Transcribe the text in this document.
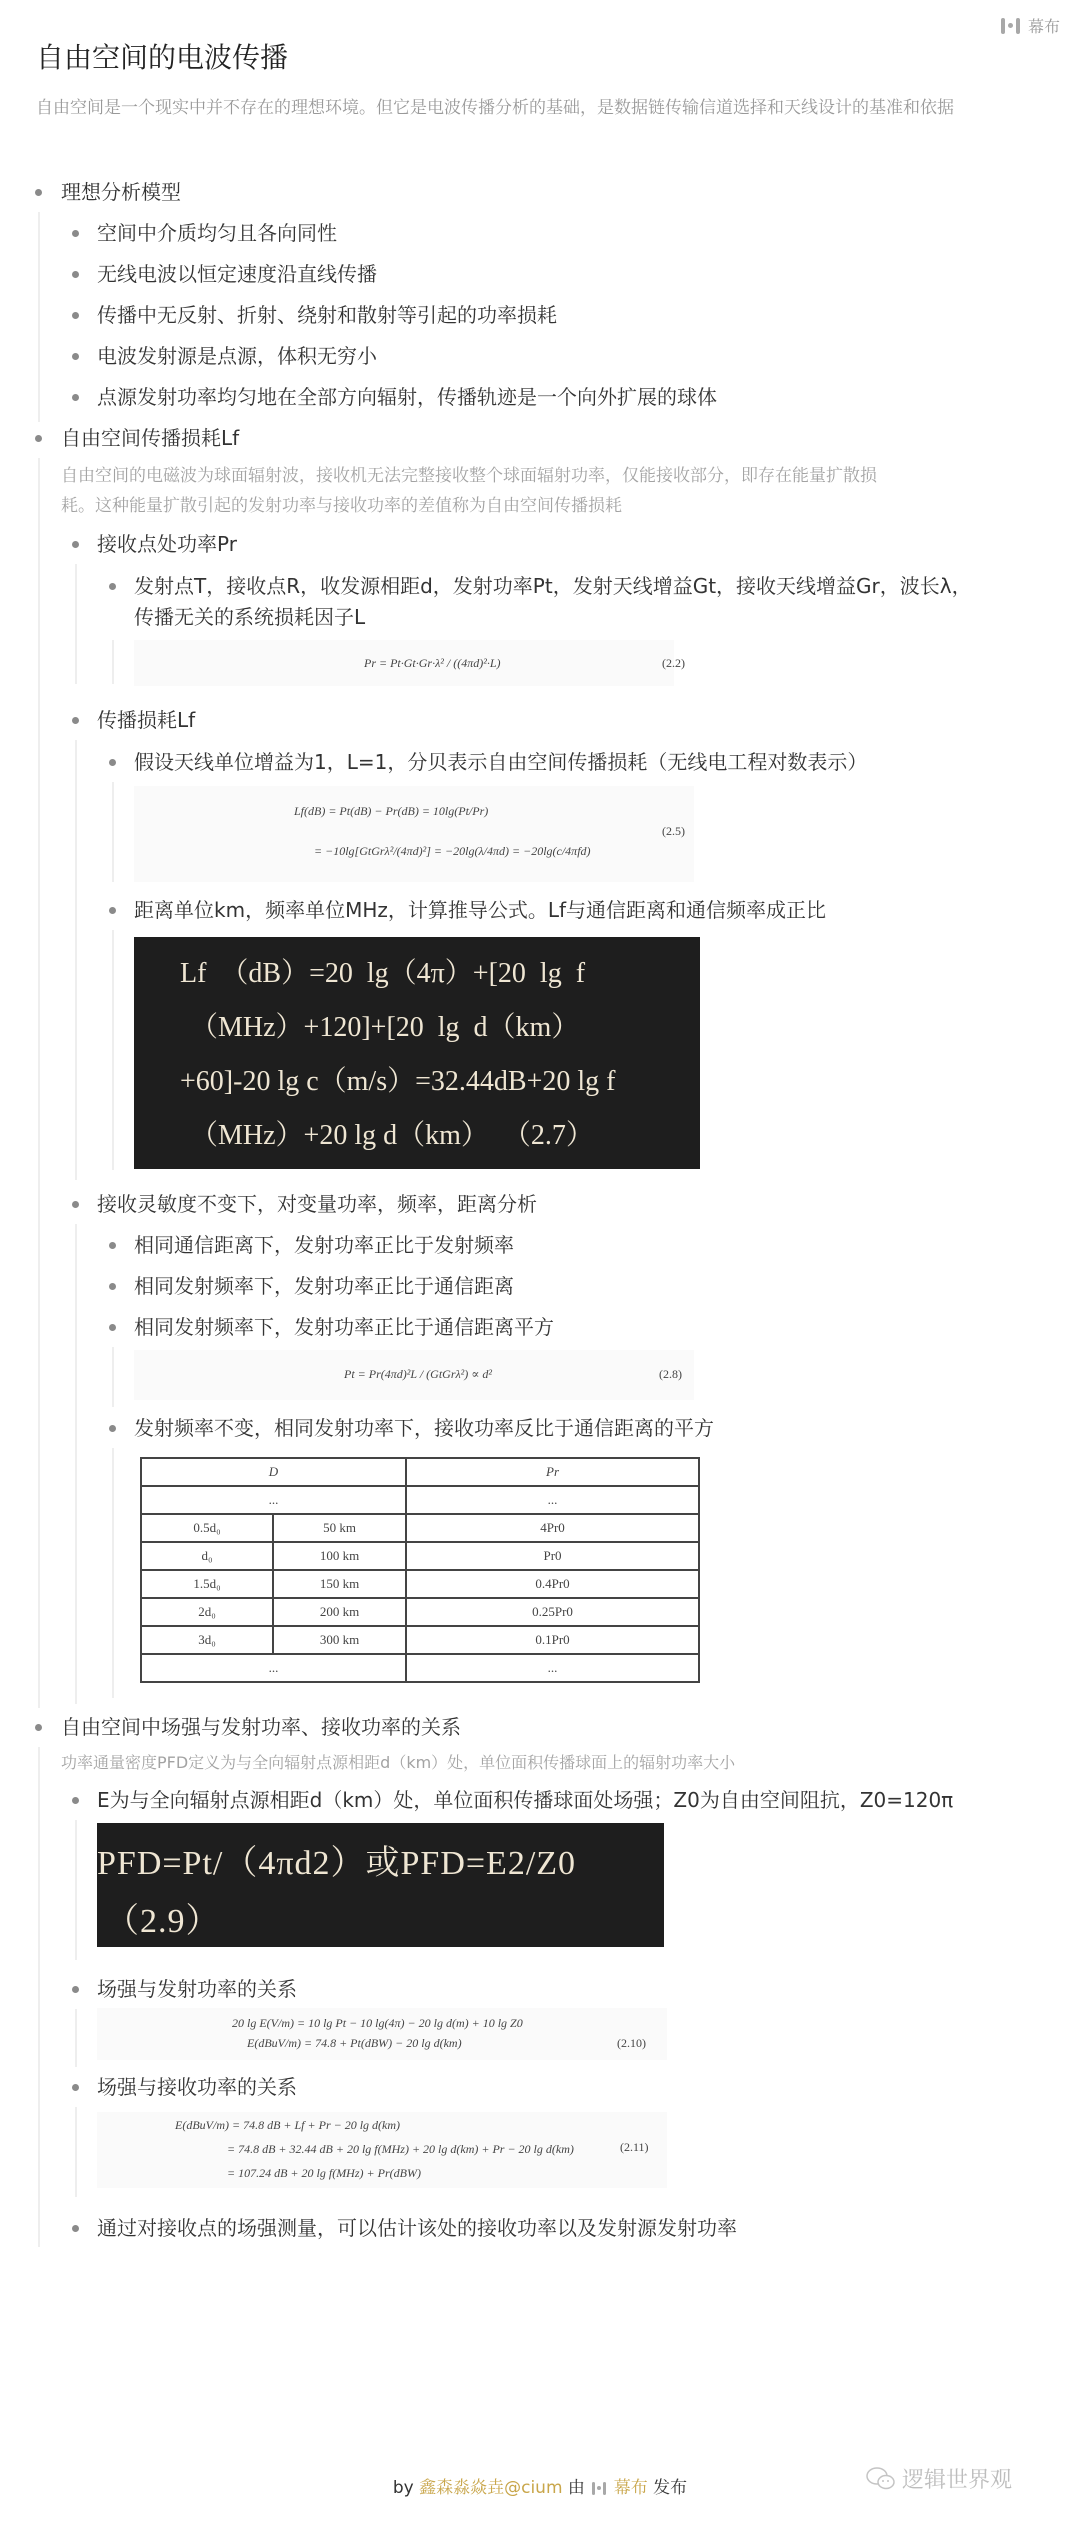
幕布
自由空间的电波传播
自由空间是一个现实中并不存在的理想环境。但它是电波传播分析的基础，是数据链传输信道选择和天线设计的基准和依据
理想分析模型
空间中介质均匀且各向同性
无线电波以恒定速度沿直线传播
传播中无反射、折射、绕射和散射等引起的功率损耗
电波发射源是点源，体积无穷小
点源发射功率均匀地在全部方向辐射，传播轨迹是一个向外扩展的球体
自由空间传播损耗Lf
自由空间的电磁波为球面辐射波，接收机无法完整接收整个球面辐射功率，仅能接收部分，即存在能量扩散损
耗。这种能量扩散引起的发射功率与接收功率的差值称为自由空间传播损耗
接收点处功率Pr
发射点T，接收点R，收发源相距d，发射功率Pt，发射天线增益Gt，接收天线增益Gr，波长λ，
传播无关的系统损耗因子L
Pr = Pt·Gt·Gr·λ² / ((4πd)²·L)	(2.2)
传播损耗Lf
假设天线单位增益为1，L=1，分贝表示自由空间传播损耗（无线电工程对数表示）
Lf(dB) = Pt(dB) − Pr(dB) = 10lg(Pt/Pr)
= −10lg[GtGrλ²/(4πd)²] = −20lg(λ/4πd) = −20lg(c/4πfd)
(2.5)
距离单位km，频率单位MHz，计算推导公式。Lf与通信距离和通信频率成正比
Lf  （dB）=20  lg（4π）+[20  lg  f
（MHz）+120]+[20  lg  d（km）
+60]-20 lg c（m/s）=32.44dB+20 lg f
（MHz）+20 lg d（km）  （2.7）
接收灵敏度不变下，对变量功率，频率，距离分析
相同通信距离下，发射功率正比于发射频率
相同发射频率下，发射功率正比于通信距离
相同发射频率下，发射功率正比于通信距离平方
Pt = Pr(4πd)²L / (GtGrλ²) ∝ d²	(2.8)
发射频率不变，相同发射功率下，接收功率反比于通信距离的平方
D		Pr
...		...
0.5d₀	50 km	4Pr0
d₀	100 km	Pr0
1.5d₀	150 km	0.4Pr0
2d₀	200 km	0.25Pr0
3d₀	300 km	0.1Pr0
...		...
自由空间中场强与发射功率、接收功率的关系
功率通量密度PFD定义为与全向辐射点源相距d（km）处，单位面积传播球面上的辐射功率大小
E为与全向辐射点源相距d（km）处，单位面积传播球面处场强；Z0为自由空间阻抗，Z0=120π
PFD=Pt/（4πd2）或PFD=E2/Z0
（2.9）
场强与发射功率的关系
20 lg E(V/m) = 10 lg Pt − 10 lg(4π) − 20 lg d(m) + 10 lg Z0
E(dBuV/m) = 74.8 + Pt(dBW) − 20 lg d(km)	(2.10)
场强与接收功率的关系
E(dBuV/m) = 74.8 dB + Lf + Pr − 20 lg d(km)
= 74.8 dB + 32.44 dB + 20 lg f(MHz) + 20 lg d(km) + Pr − 20 lg d(km)
= 107.24 dB + 20 lg f(MHz) + Pr(dBW)
(2.11)
通过对接收点的场强测量，可以估计该处的接收功率以及发射源发射功率
by 鑫森淼焱垚@cium 由 幕布 发布	逻辑世界观
